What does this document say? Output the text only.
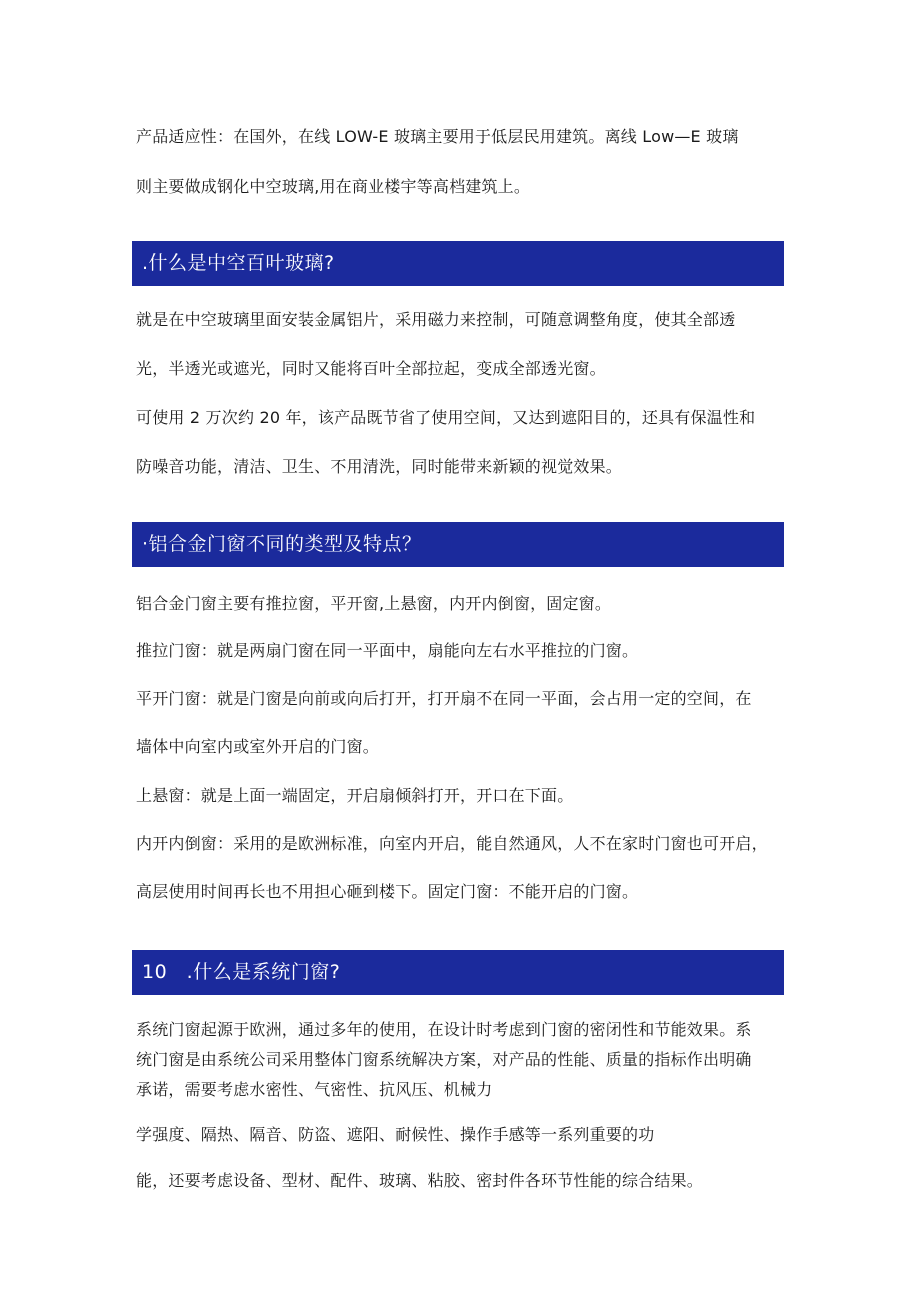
产品适应性：在国外，在线 LOW-E 玻璃主要用于低层民用建筑。离线 Low—E 玻璃
则主要做成钢化中空玻璃,用在商业楼宇等高档建筑上。
.什么是中空百叶玻璃?
就是在中空玻璃里面安装金属铝片，采用磁力来控制，可随意调整角度，使其全部透
光，半透光或遮光，同时又能将百叶全部拉起，变成全部透光窗。
可使用 2 万次约 20 年，该产品既节省了使用空间，又达到遮阳目的，还具有保温性和
防噪音功能，清洁、卫生、不用清洗，同时能带来新颖的视觉效果。
·铝合金门窗不同的类型及特点？
铝合金门窗主要有推拉窗，平开窗,上悬窗，内开内倒窗，固定窗。
推拉门窗：就是两扇门窗在同一平面中，扇能向左右水平推拉的门窗。
平开门窗：就是门窗是向前或向后打开，打开扇不在同一平面，会占用一定的空间，在
墙体中向室内或室外开启的门窗。
上悬窗：就是上面一端固定，开启扇倾斜打开，开口在下面。
内开内倒窗：采用的是欧洲标准，向室内开启，能自然通风，人不在家时门窗也可开启，
高层使用时间再长也不用担心砸到楼下。固定门窗：不能开启的门窗。
10　.什么是系统门窗?
系统门窗起源于欧洲，通过多年的使用，在设计时考虑到门窗的密闭性和节能效果。系
统门窗是由系统公司采用整体门窗系统解决方案，对产品的性能、质量的指标作出明确
承诺，需要考虑水密性、气密性、抗风压、机械力
学强度、隔热、隔音、防盗、遮阳、耐候性、操作手感等一系列重要的功
能，还要考虑设备、型材、配件、玻璃、粘胶、密封件各环节性能的综合结果。
